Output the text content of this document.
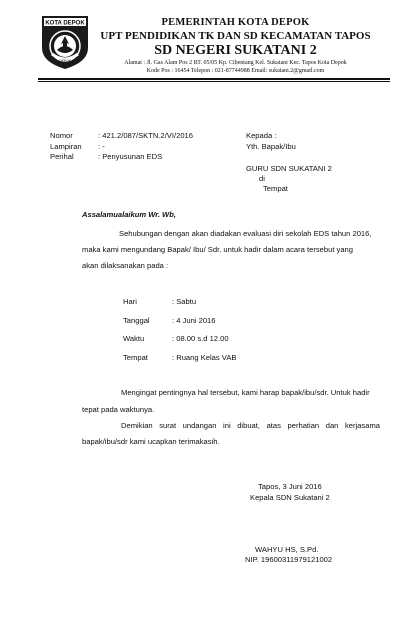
KOTA DEPOK
DEPOK
PEMERINTAH KOTA DEPOK
UPT PENDIDIKAN TK DAN SD KECAMATAN TAPOS
SD NEGERI SUKATANI 2
Alamat : Jl. Gas Alam Pos 2 RT. 05/05 Kp. Cibentang Kel. Sukatani Kec. Tapos Kota Depok
Kode Pos : 16454 Telepon : 021-87744988 Email: sukatani.2@gmail.com
Nomor	: 421.2/087/SKTN.2/VI/2016
Lampiran : -
Perihal	: Penyusunan EDS
Kepada :
Yth. Bapak/Ibu
GURU SDN SUKATANI 2
di
Tempat
Assalamualaikum Wr. Wb,
Sehubungan dengan akan diadakan evaluasi diri sekolah EDS tahun 2016,
maka kami mengundang Bapak/ Ibu/ Sdr. untuk hadir dalam acara tersebut yang
akan dilaksanakan pada :
Hari	: Sabtu
Tanggal	: 4 Juni 2016
Waktu	: 08.00 s.d 12.00
Tempat	: Ruang Kelas VAB
Mengingat pentingnya hal tersebut, kami harap bapak/ibu/sdr. Untuk hadir
tepat pada waktunya.
Demikian surat undangan ini dibuat, atas perhatian dan kerjasama
bapak/ibu/sdr kami ucapkan terimakasih.
Tapos, 3 Juni 2016
Kepala SDN Sukatani 2
WAHYU HS, S.Pd.
NIP. 19600311979121002
